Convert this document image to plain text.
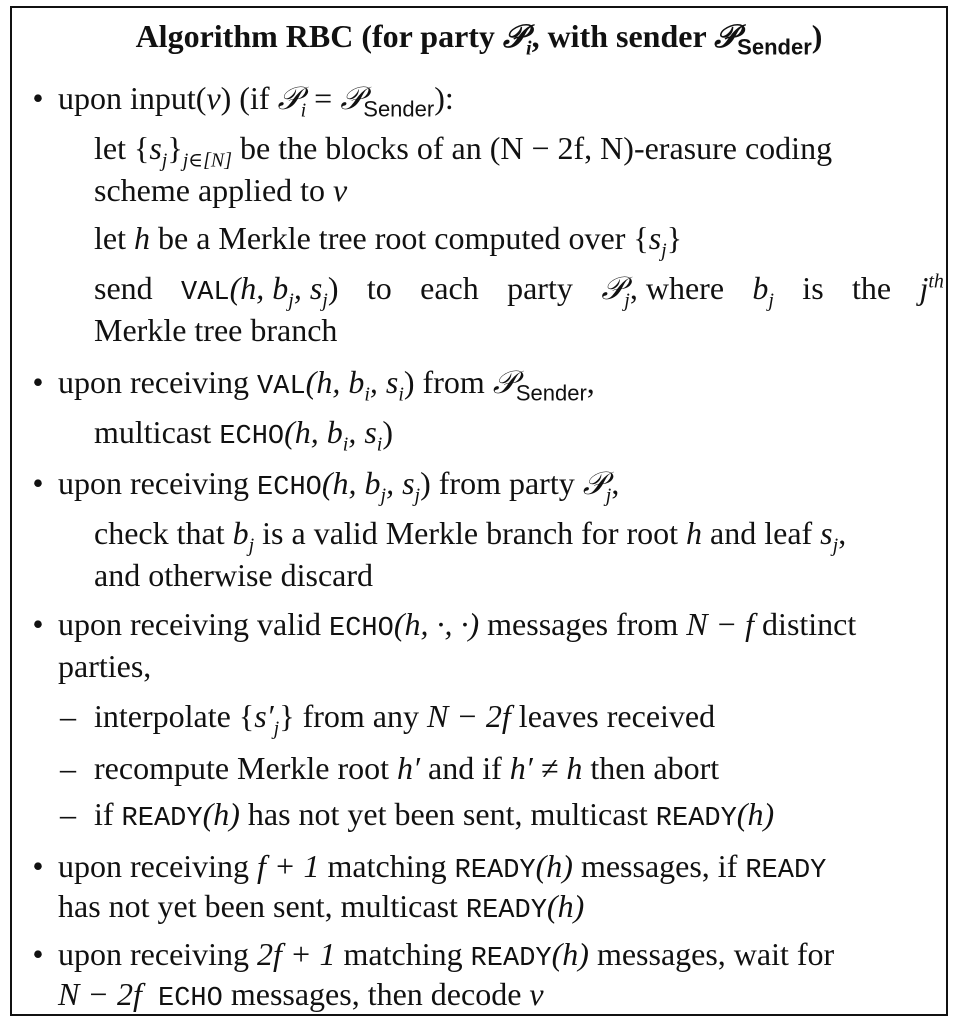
Algorithm RBC (for party 𝒫$_i$, with sender 𝒫$_{Sender}$)
• upon input(v) (if 𝒫$_i$ = 𝒫$_{Sender}$):
let $\{s_j\}_{j\in[N]}$ be the blocks of an (N − 2f, N)-erasure coding
scheme applied to v
let h be a Merkle tree root computed over $\{s_j\}$
send VAL(h, $b_j$, $s_j$) to each party 𝒫$_j$, where $b_j$ is the $j^{th}$
Merkle tree branch
• upon receiving VAL(h, $b_i$, $s_i$) from 𝒫$_{Sender}$,
multicast ECHO(h, $b_i$, $s_i$)
• upon receiving ECHO(h, $b_j$, $s_j$) from party 𝒫$_j$,
check that $b_j$ is a valid Merkle branch for root h and leaf $s_j$,
and otherwise discard
• upon receiving valid ECHO(h, ·, ·) messages from N − f distinct
parties,
– interpolate $\{s'_j\}$ from any N − 2f leaves received
– recompute Merkle root h′ and if h′ ≠ h then abort
– if READY(h) has not yet been sent, multicast READY(h)
• upon receiving f + 1 matching READY(h) messages, if READY
has not yet been sent, multicast READY(h)
• upon receiving 2f + 1 matching READY(h) messages, wait for
N − 2f ECHO messages, then decode v
